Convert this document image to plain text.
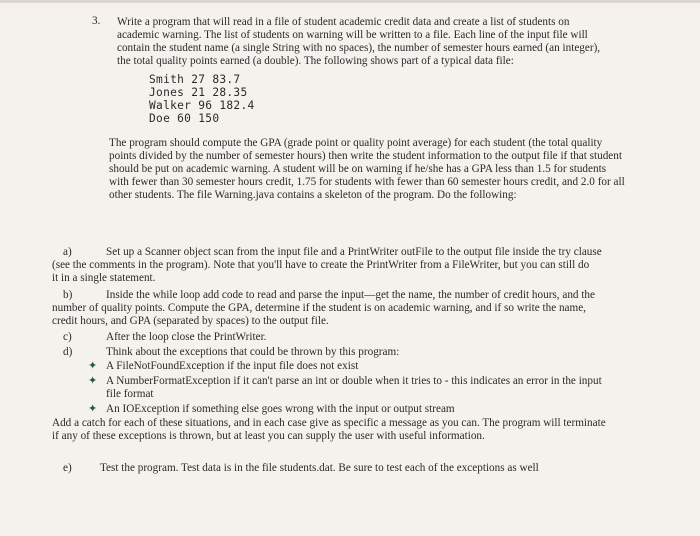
3. Write a program that will read in a file of student academic credit data and create a list of students on
academic warning. The list of students on warning will be written to a file. Each line of the input file will
contain the student name (a single String with no spaces), the number of semester hours earned (an integer),
the total quality points earned (a double). The following shows part of a typical data file:
Smith 27 83.7
Jones 21 28.35
Walker 96 182.4
Doe 60 150
The program should compute the GPA (grade point or quality point average) for each student (the total quality
points divided by the number of semester hours) then write the student information to the output file if that student
should be put on academic warning. A student will be on warning if he/she has a GPA less than 1.5 for students
with fewer than 30 semester hours credit, 1.75 for students with fewer than 60 semester hours credit, and 2.0 for all
other students. The file Warning.java contains a skeleton of the program. Do the following:
a)	Set up a Scanner object scan from the input file and a PrintWriter outFile to the output file inside the try clause
(see the comments in the program). Note that you'll have to create the PrintWriter from a FileWriter, but you can still do
it in a single statement.
b)	Inside the while loop add code to read and parse the input—get the name, the number of credit hours, and the
number of quality points. Compute the GPA, determine if the student is on academic warning, and if so write the name,
credit hours, and GPA (separated by spaces) to the output file.
c)	After the loop close the PrintWriter.
d)	Think about the exceptions that could be thrown by this program:
✦ A FileNotFoundException if the input file does not exist
✦ A NumberFormatException if it can't parse an int or double when it tries to - this indicates an error in the input
file format
✦ An IOException if something else goes wrong with the input or output stream
Add a catch for each of these situations, and in each case give as specific a message as you can. The program will terminate
if any of these exceptions is thrown, but at least you can supply the user with useful information.
e)	Test the program. Test data is in the file students.dat. Be sure to test each of the exceptions as well
